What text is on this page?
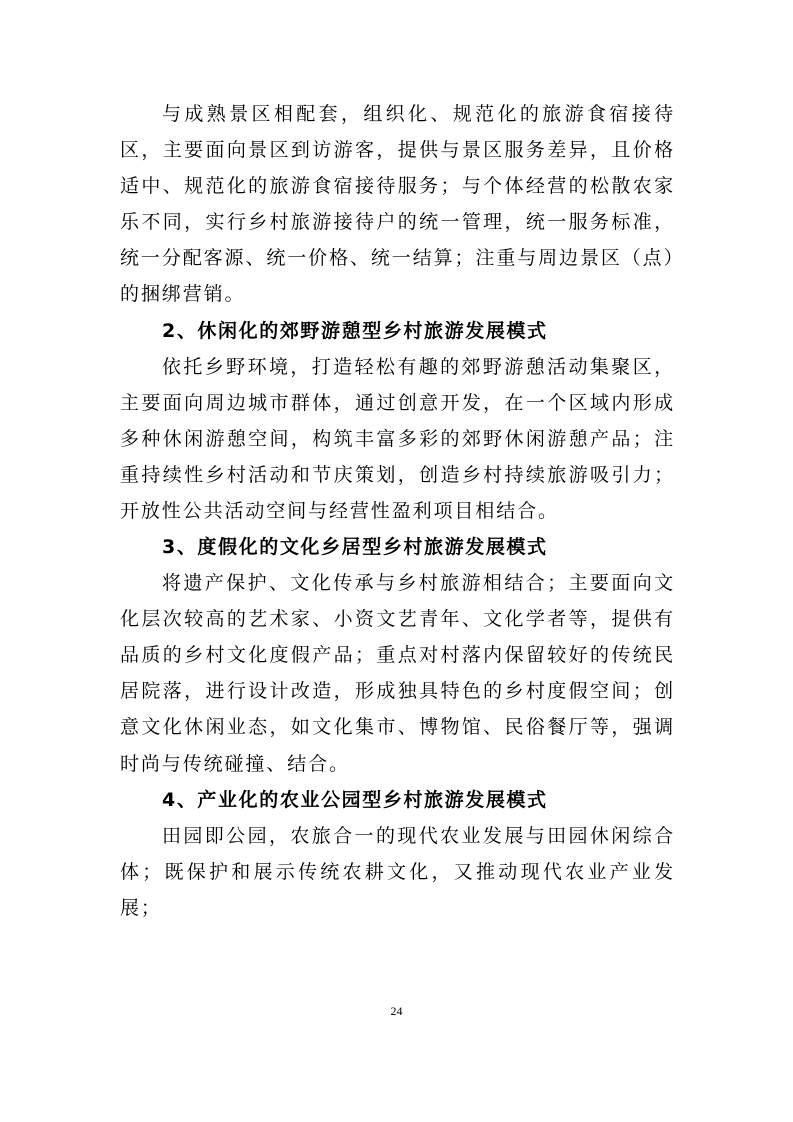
与成熟景区相配套，组织化、规范化的旅游食宿接待区，主要面向景区到访游客，提供与景区服务差异，且价格适中、规范化的旅游食宿接待服务；与个体经营的松散农家乐不同，实行乡村旅游接待户的统一管理，统一服务标准，统一分配客源、统一价格、统一结算；注重与周边景区（点）的捆绑营销。

2、休闲化的郊野游憩型乡村旅游发展模式

依托乡野环境，打造轻松有趣的郊野游憩活动集聚区，主要面向周边城市群体，通过创意开发，在一个区域内形成多种休闲游憩空间，构筑丰富多彩的郊野休闲游憩产品；注重持续性乡村活动和节庆策划，创造乡村持续旅游吸引力；开放性公共活动空间与经营性盈利项目相结合。

3、度假化的文化乡居型乡村旅游发展模式

将遗产保护、文化传承与乡村旅游相结合；主要面向文化层次较高的艺术家、小资文艺青年、文化学者等，提供有品质的乡村文化度假产品；重点对村落内保留较好的传统民居院落，进行设计改造，形成独具特色的乡村度假空间；创意文化休闲业态，如文化集市、博物馆、民俗餐厅等，强调时尚与传统碰撞、结合。

4、产业化的农业公园型乡村旅游发展模式

田园即公园，农旅合一的现代农业发展与田园休闲综合体；既保护和展示传统农耕文化，又推动现代农业产业发展；

24
